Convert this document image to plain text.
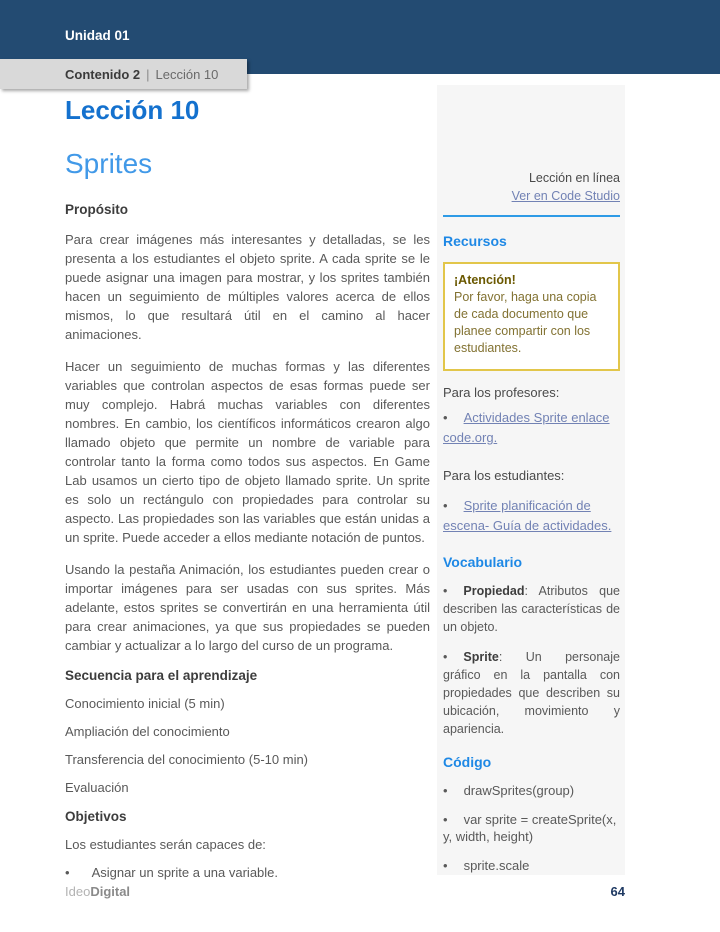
Unidad 01
Contenido 2 | Lección 10
Lección 10
Sprites
Propósito

Para crear imágenes más interesantes y detalladas, se les presenta a los estudiantes el objeto sprite. A cada sprite se le puede asignar una imagen para mostrar, y los sprites también hacen un seguimiento de múltiples valores acerca de ellos mismos, lo que resultará útil en el camino al hacer animaciones.

Hacer un seguimiento de muchas formas y las diferentes variables que controlan aspectos de esas formas puede ser muy complejo. Habrá muchas variables con diferentes nombres. En cambio, los científicos informáticos crearon algo llamado objeto que permite un nombre de variable para controlar tanto la forma como todos sus aspectos. En Game Lab usamos un cierto tipo de objeto llamado sprite. Un sprite es solo un rectángulo con propiedades para controlar su aspecto. Las propiedades son las variables que están unidas a un sprite. Puede acceder a ellos mediante notación de puntos.

Usando la pestaña Animación, los estudiantes pueden crear o importar imágenes para ser usadas con sus sprites. Más adelante, estos sprites se convertirán en una herramienta útil para crear animaciones, ya que sus propiedades se pueden cambiar y actualizar a lo largo del curso de un programa.

Secuencia para el aprendizaje
Conocimiento inicial (5 min)
Ampliación del conocimiento
Transferencia del conocimiento (5-10 min)
Evaluación
Objetivos
Los estudiantes serán capaces de:
• Asignar un sprite a una variable.
Lección en línea
Ver en Code Studio
Recursos
¡Atención!
Por favor, haga una copia de cada documento que planee compartir con los estudiantes.
Para los profesores:
• Actividades Sprite enlace code.org.
Para los estudiantes:
• Sprite planificación de escena- Guía de actividades.
Vocabulario
• Propiedad: Atributos que describen las características de un objeto.
• Sprite: Un personaje gráfico en la pantalla con propiedades que describen su ubicación, movimiento y apariencia.
Código
• drawSprites(group)
• var sprite = createSprite(x, y, width, height)
• sprite.scale
IdeoDigital	64
